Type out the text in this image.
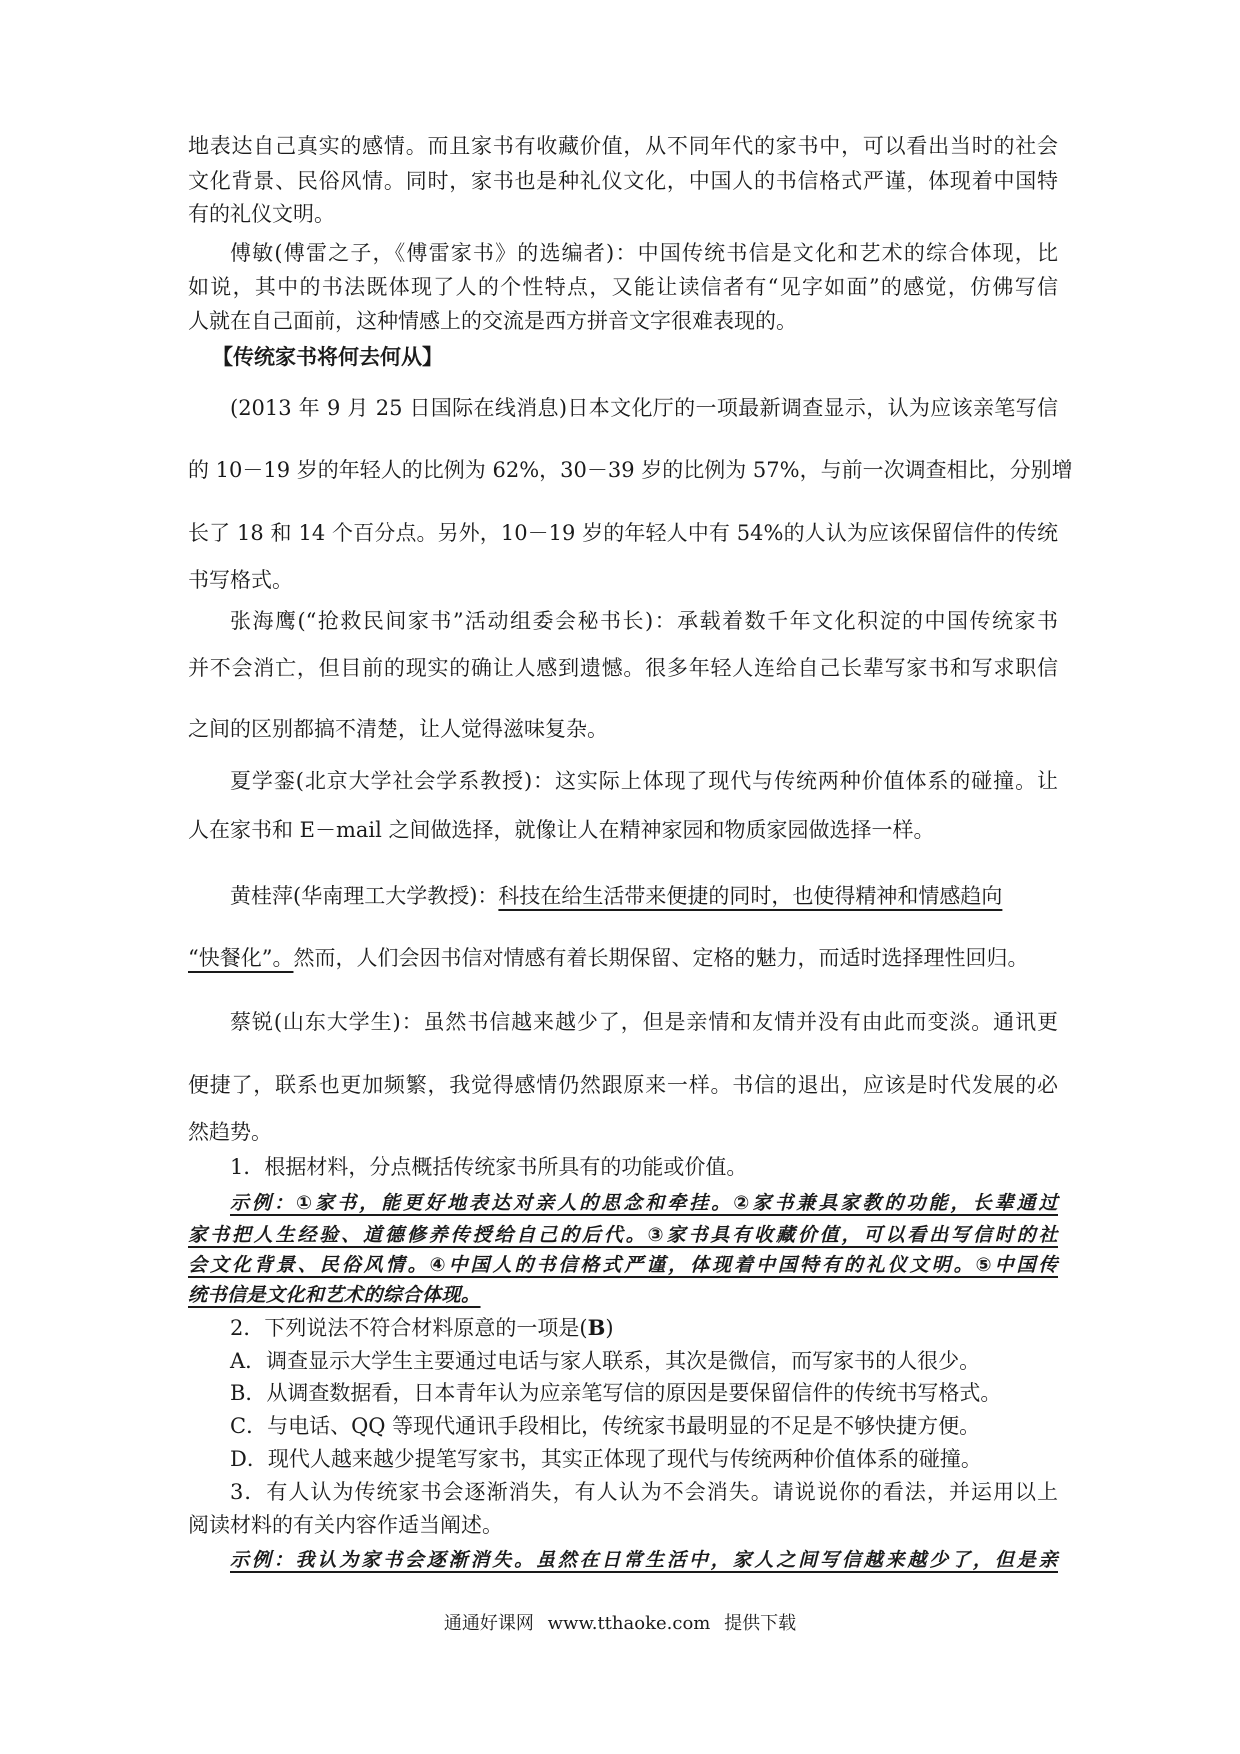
地表达自己真实的感情。而且家书有收藏价值，从不同年代的家书中，可以看出当时的社会
文化背景、民俗风情。同时，家书也是种礼仪文化，中国人的书信格式严谨，体现着中国特
有的礼仪文明。
傅敏(傅雷之子，《傅雷家书》的选编者)：中国传统书信是文化和艺术的综合体现，比
如说，其中的书法既体现了人的个性特点，又能让读信者有“见字如面”的感觉，仿佛写信
人就在自己面前，这种情感上的交流是西方拼音文字很难表现的。
【传统家书将何去何从】
(2013 年 9 月 25 日国际在线消息)日本文化厅的一项最新调查显示，认为应该亲笔写信
的 10－19 岁的年轻人的比例为 62%，30－39 岁的比例为 57%，与前一次调查相比，分别增
长了 18 和 14 个百分点。另外，10－19 岁的年轻人中有 54%的人认为应该保留信件的传统
书写格式。
张海鹰(“抢救民间家书”活动组委会秘书长)：承载着数千年文化积淀的中国传统家书
并不会消亡，但目前的现实的确让人感到遗憾。很多年轻人连给自己长辈写家书和写求职信
之间的区别都搞不清楚，让人觉得滋味复杂。
夏学銮(北京大学社会学系教授)：这实际上体现了现代与传统两种价值体系的碰撞。让
人在家书和 E－mail 之间做选择，就像让人在精神家园和物质家园做选择一样。
黄桂萍(华南理工大学教授)：科技在给生活带来便捷的同时，也使得精神和情感趋向
“快餐化”。然而，人们会因书信对情感有着长期保留、定格的魅力，而适时选择理性回归。
蔡锐(山东大学生)：虽然书信越来越少了，但是亲情和友情并没有由此而变淡。通讯更
便捷了，联系也更加频繁，我觉得感情仍然跟原来一样。书信的退出，应该是时代发展的必
然趋势。
1．根据材料，分点概括传统家书所具有的功能或价值。
示例：①家书，能更好地表达对亲人的思念和牵挂。②家书兼具家教的功能，长辈通过
家书把人生经验、道德修养传授给自己的后代。③家书具有收藏价值，可以看出写信时的社
会文化背景、民俗风情。④中国人的书信格式严谨，体现着中国特有的礼仪文明。⑤中国传
统书信是文化和艺术的综合体现。
2．下列说法不符合材料原意的一项是(B)
A．调查显示大学生主要通过电话与家人联系，其次是微信，而写家书的人很少。
B．从调查数据看，日本青年认为应亲笔写信的原因是要保留信件的传统书写格式。
C．与电话、QQ 等现代通讯手段相比，传统家书最明显的不足是不够快捷方便。
D．现代人越来越少提笔写家书，其实正体现了现代与传统两种价值体系的碰撞。
3．有人认为传统家书会逐渐消失，有人认为不会消失。请说说你的看法，并运用以上
阅读材料的有关内容作适当阐述。
示例：我认为家书会逐渐消失。虽然在日常生活中，家人之间写信越来越少了，但是亲
通通好课网 www.tthaoke.com 提供下载
